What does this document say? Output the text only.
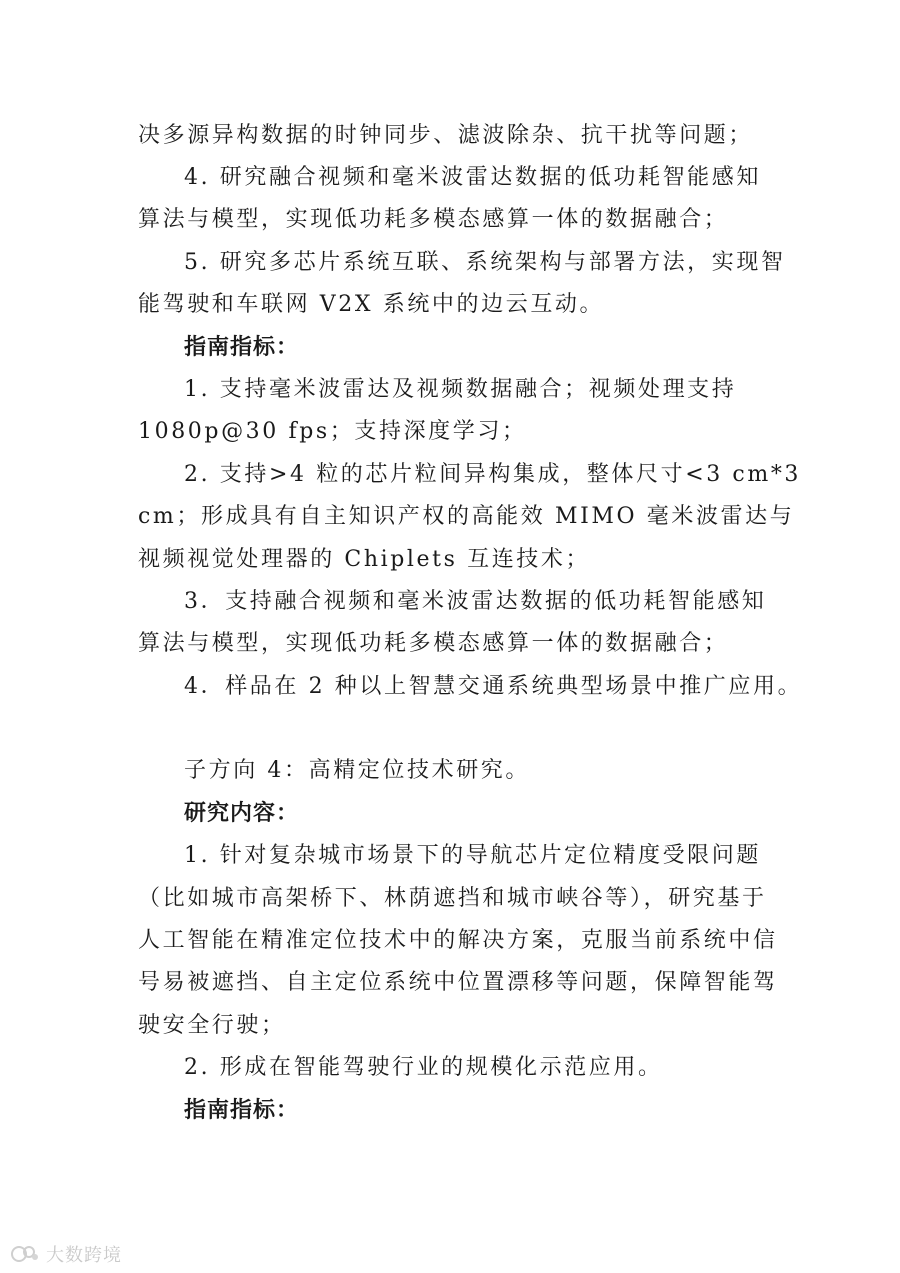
决多源异构数据的时钟同步、滤波除杂、抗干扰等问题；
4. 研究融合视频和毫米波雷达数据的低功耗智能感知
算法与模型，实现低功耗多模态感算一体的数据融合；
5. 研究多芯片系统互联、系统架构与部署方法，实现智
能驾驶和车联网 V2X 系统中的边云互动。
指南指标：
1. 支持毫米波雷达及视频数据融合；视频处理支持
1080p@30 fps；支持深度学习；
2. 支持>4 粒的芯片粒间异构集成，整体尺寸<3 cm*3
cm；形成具有自主知识产权的高能效 MIMO 毫米波雷达与
视频视觉处理器的 Chiplets 互连技术；
3．支持融合视频和毫米波雷达数据的低功耗智能感知
算法与模型，实现低功耗多模态感算一体的数据融合；
4．样品在 2 种以上智慧交通系统典型场景中推广应用。
子方向 4：高精定位技术研究。
研究内容：
1. 针对复杂城市场景下的导航芯片定位精度受限问题
（比如城市高架桥下、林荫遮挡和城市峡谷等），研究基于
人工智能在精准定位技术中的解决方案，克服当前系统中信
号易被遮挡、自主定位系统中位置漂移等问题，保障智能驾
驶安全行驶；
2. 形成在智能驾驶行业的规模化示范应用。
指南指标：
大数跨境
